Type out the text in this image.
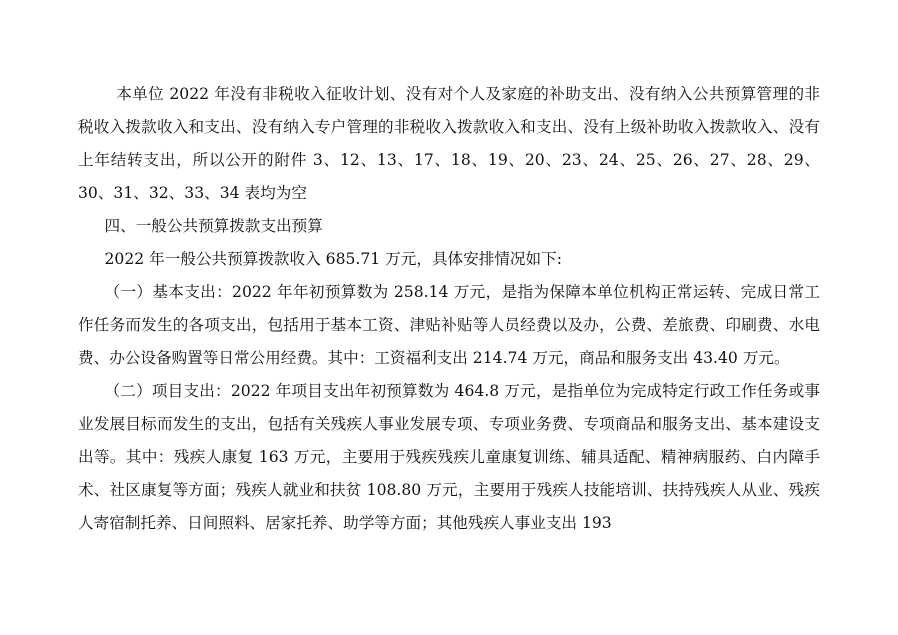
本单位 2022 年没有非税收入征收计划、没有对个人及家庭的补助支出、没有纳入公共预算管理的非税收入拨款收入和支出、没有纳入专户管理的非税收入拨款收入和支出、没有上级补助收入拨款收入、没有上年结转支出，所以公开的附件 3、12、13、17、18、19、20、23、24、25、26、27、28、29、30、31、32、33、34 表均为空

四、一般公共预算拨款支出预算

2022 年一般公共预算拨款收入 685.71 万元，具体安排情况如下:

（一）基本支出：2022 年年初预算数为 258.14 万元，是指为保障本单位机构正常运转、完成日常工作任务而发生的各项支出，包括用于基本工资、津贴补贴等人员经费以及办，公费、差旅费、印刷费、水电费、办公设备购置等日常公用经费。其中：工资福利支出 214.74 万元，商品和服务支出 43.40 万元。

（二）项目支出：2022 年项目支出年初预算数为 464.8 万元，是指单位为完成特定行政工作任务或事业发展目标而发生的支出，包括有关残疾人事业发展专项、专项业务费、专项商品和服务支出、基本建设支出等。其中：残疾人康复 163 万元，主要用于残疾残疾儿童康复训练、辅具适配、精神病服药、白内障手术、社区康复等方面；残疾人就业和扶贫 108.80 万元，主要用于残疾人技能培训、扶持残疾人从业、残疾人寄宿制托养、日间照料、居家托养、助学等方面；其他残疾人事业支出 193
